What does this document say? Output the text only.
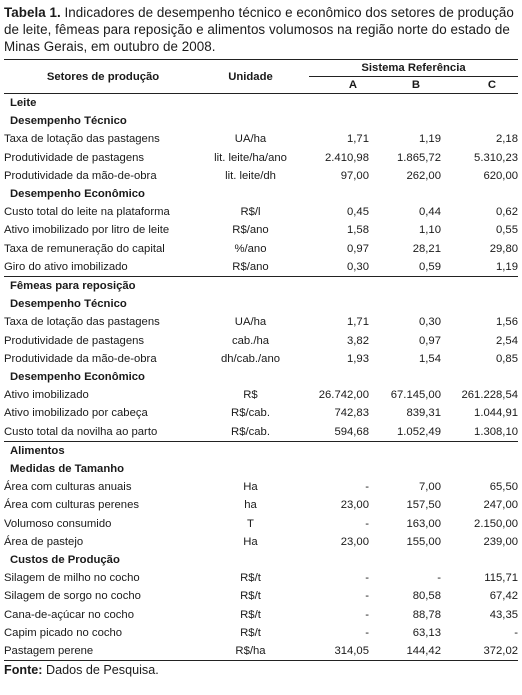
Tabela 1. Indicadores de desempenho técnico e econômico dos setores de produção de leite, fêmeas para reposição e alimentos volumosos na região norte do estado de Minas Gerais, em outubro de 2008.

Setores de produção	Unidade	Sistema Referência		

		A	B	C
Leite				
Desempenho Técnico				
Taxa de lotação das pastagens	UA/ha	1,71	1,19	2,18
Produtividade de pastagens	lit. leite/ha/ano	2.410,98	1.865,72	5.310,23
Produtividade da mão-de-obra	lit. leite/dh	97,00	262,00	620,00
Desempenho Econômico				
Custo total do leite na plataforma	R$/l	0,45	0,44	0,62
Ativo imobilizado por litro de leite	R$/ano	1,58	1,10	0,55
Taxa de remuneração do capital	%/ano	0,97	28,21	29,80
Giro do ativo imobilizado	R$/ano	0,30	0,59	1,19
Fêmeas para reposição				
Desempenho Técnico				
Taxa de lotação das pastagens	UA/ha	1,71	0,30	1,56
Produtividade de pastagens	cab./ha	3,82	0,97	2,54
Produtividade da mão-de-obra	dh/cab./ano	1,93	1,54	0,85
Desempenho Econômico				
Ativo imobilizado	R$	26.742,00	67.145,00	261.228,54
Ativo imobilizado por cabeça	R$/cab.	742,83	839,31	1.044,91
Custo total da novilha ao parto	R$/cab.	594,68	1.052,49	1.308,10
Alimentos				
Medidas de Tamanho				
Área com culturas anuais	Ha	-	7,00	65,50
Área com culturas perenes	ha	23,00	157,50	247,00
Volumoso consumido	T	-	163,00	2.150,00
Área de pastejo	Ha	23,00	155,00	239,00
Custos de Produção				
Silagem de milho no cocho	R$/t	-	-	115,71
Silagem de sorgo no cocho	R$/t	-	80,58	67,42
Cana-de-açúcar no cocho	R$/t	-	88,78	43,35
Capim picado no cocho	R$/t	-	63,13	-
Pastagem perene	R$/ha	314,05	144,42	372,02
Fonte: Dados de Pesquisa.
